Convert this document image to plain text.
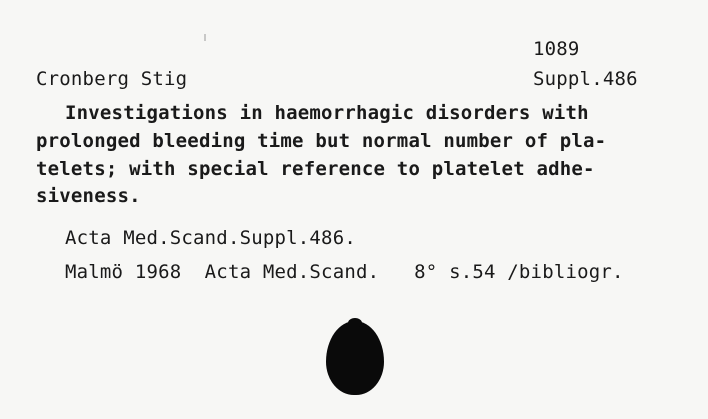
1089
Cronberg Stig	Suppl.486
Investigations in haemorrhagic disorders with
prolonged bleeding time but normal number of pla-
telets; with special reference to platelet adhe-
siveness.
Acta Med.Scand.Suppl.486.
Malmö 1968  Acta Med.Scand.   8° s.54 /bibliogr.
